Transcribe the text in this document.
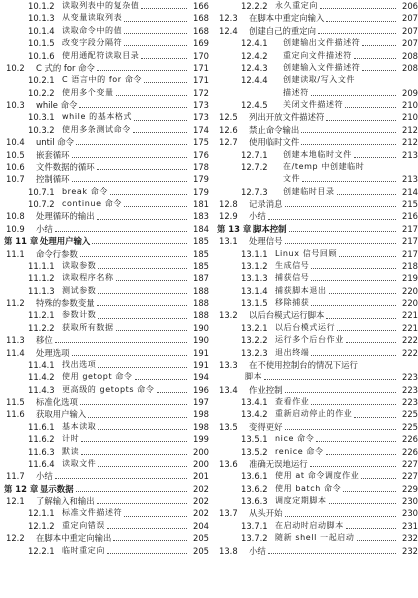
10.1.2 读取列表中的复杂值	166
10.1.3 从变量读取列表	168
10.1.4 读取命令中的值	168
10.1.5 改变字段分隔符	169
10.1.6 使用通配符读取目录	170
10.2	C 式的 for 命令	171
10.2.1 C 语言中的 for 命令	171
10.2.2 使用多个变量	172
10.3	while 命令	173
10.3.1 while 的基本格式	173
10.3.2 使用多条测试命令	174
10.4	until 命令	175
10.5	嵌套循环	176
10.6	文件数据的循环	178
10.7	控制循环	179
10.7.1 break 命令	179
10.7.2 continue 命令	181
10.8	处理循环的输出	183
10.9	小结	184
第 11 章 处理用户输入	185
11.1	命令行参数	185
11.1.1 读取参数	185
11.1.2 读取程序名称	187
11.1.3 测试参数	188
11.2	特殊的参数变量	188
11.2.1 参数计数	188
11.2.2 获取所有数据	190
11.3	移位	190
11.4	处理选项	191
11.4.1 找出选项	191
11.4.2 使用 getopt 命令	194
11.4.3 更高级的 getopts 命令	196
11.5	标准化选项	197
11.6	获取用户输入	198
11.6.1 基本读取	198
11.6.2 计时	199
11.6.3 默读	200
11.6.4 读取文件	200
11.7	小结	201
第 12 章 显示数据	202
12.1	了解输入和输出	202
12.1.1 标准文件描述符	202
12.1.2 重定向错误	204
12.2	在脚本中重定向输出	205
12.2.1 临时重定向	205
12.2.2 永久重定向	206
12.3	在脚本中重定向输入	207
12.4	创建自己的重定向	207
12.4.1	创建输出文件描述符	207
12.4.2	重定向文件描述符	208
12.4.3	创建输入文件描述符	208
12.4.4	创建读取/写入文件
描述符	209
12.4.5	关闭文件描述符	210
12.5	列出开放文件描述符	210
12.6	禁止命令输出	212
12.7	使用临时文件	212
12.7.1	创建本地临时文件	213
12.7.2	在/temp 中创建临时
文件	213
12.7.3	创建临时目录	214
12.8	记录消息	215
12.9	小结	216
第 13 章 脚本控制	217
13.1	处理信号	217
13.1.1 Linux 信号回顾	217
13.1.2 生成信号	218
13.1.3 捕获信号	219
13.1.4 捕获脚本退出	220
13.1.5 移除捕获	220
13.2	以后台模式运行脚本	221
13.2.1 以后台模式运行	221
13.2.2 运行多个后台作业	222
13.2.3 退出终端	222
13.3	在不使用控制台的情况下运行
脚本	223
13.4	作业控制	223
13.4.1 查看作业	223
13.4.2 重新启动停止的作业	225
13.5	变得更好	225
13.5.1 nice 命令	226
13.5.2 renice 命令	226
13.6	准确无误地运行	227
13.6.1 使用 at 命令调度作业	227
13.6.2 使用 batch 命令	229
13.6.3 调度定期脚本	230
13.7	从头开始	230
13.7.1 在启动时启动脚本	231
13.7.2 随新 shell 一起启动	232
13.8	小结	232
